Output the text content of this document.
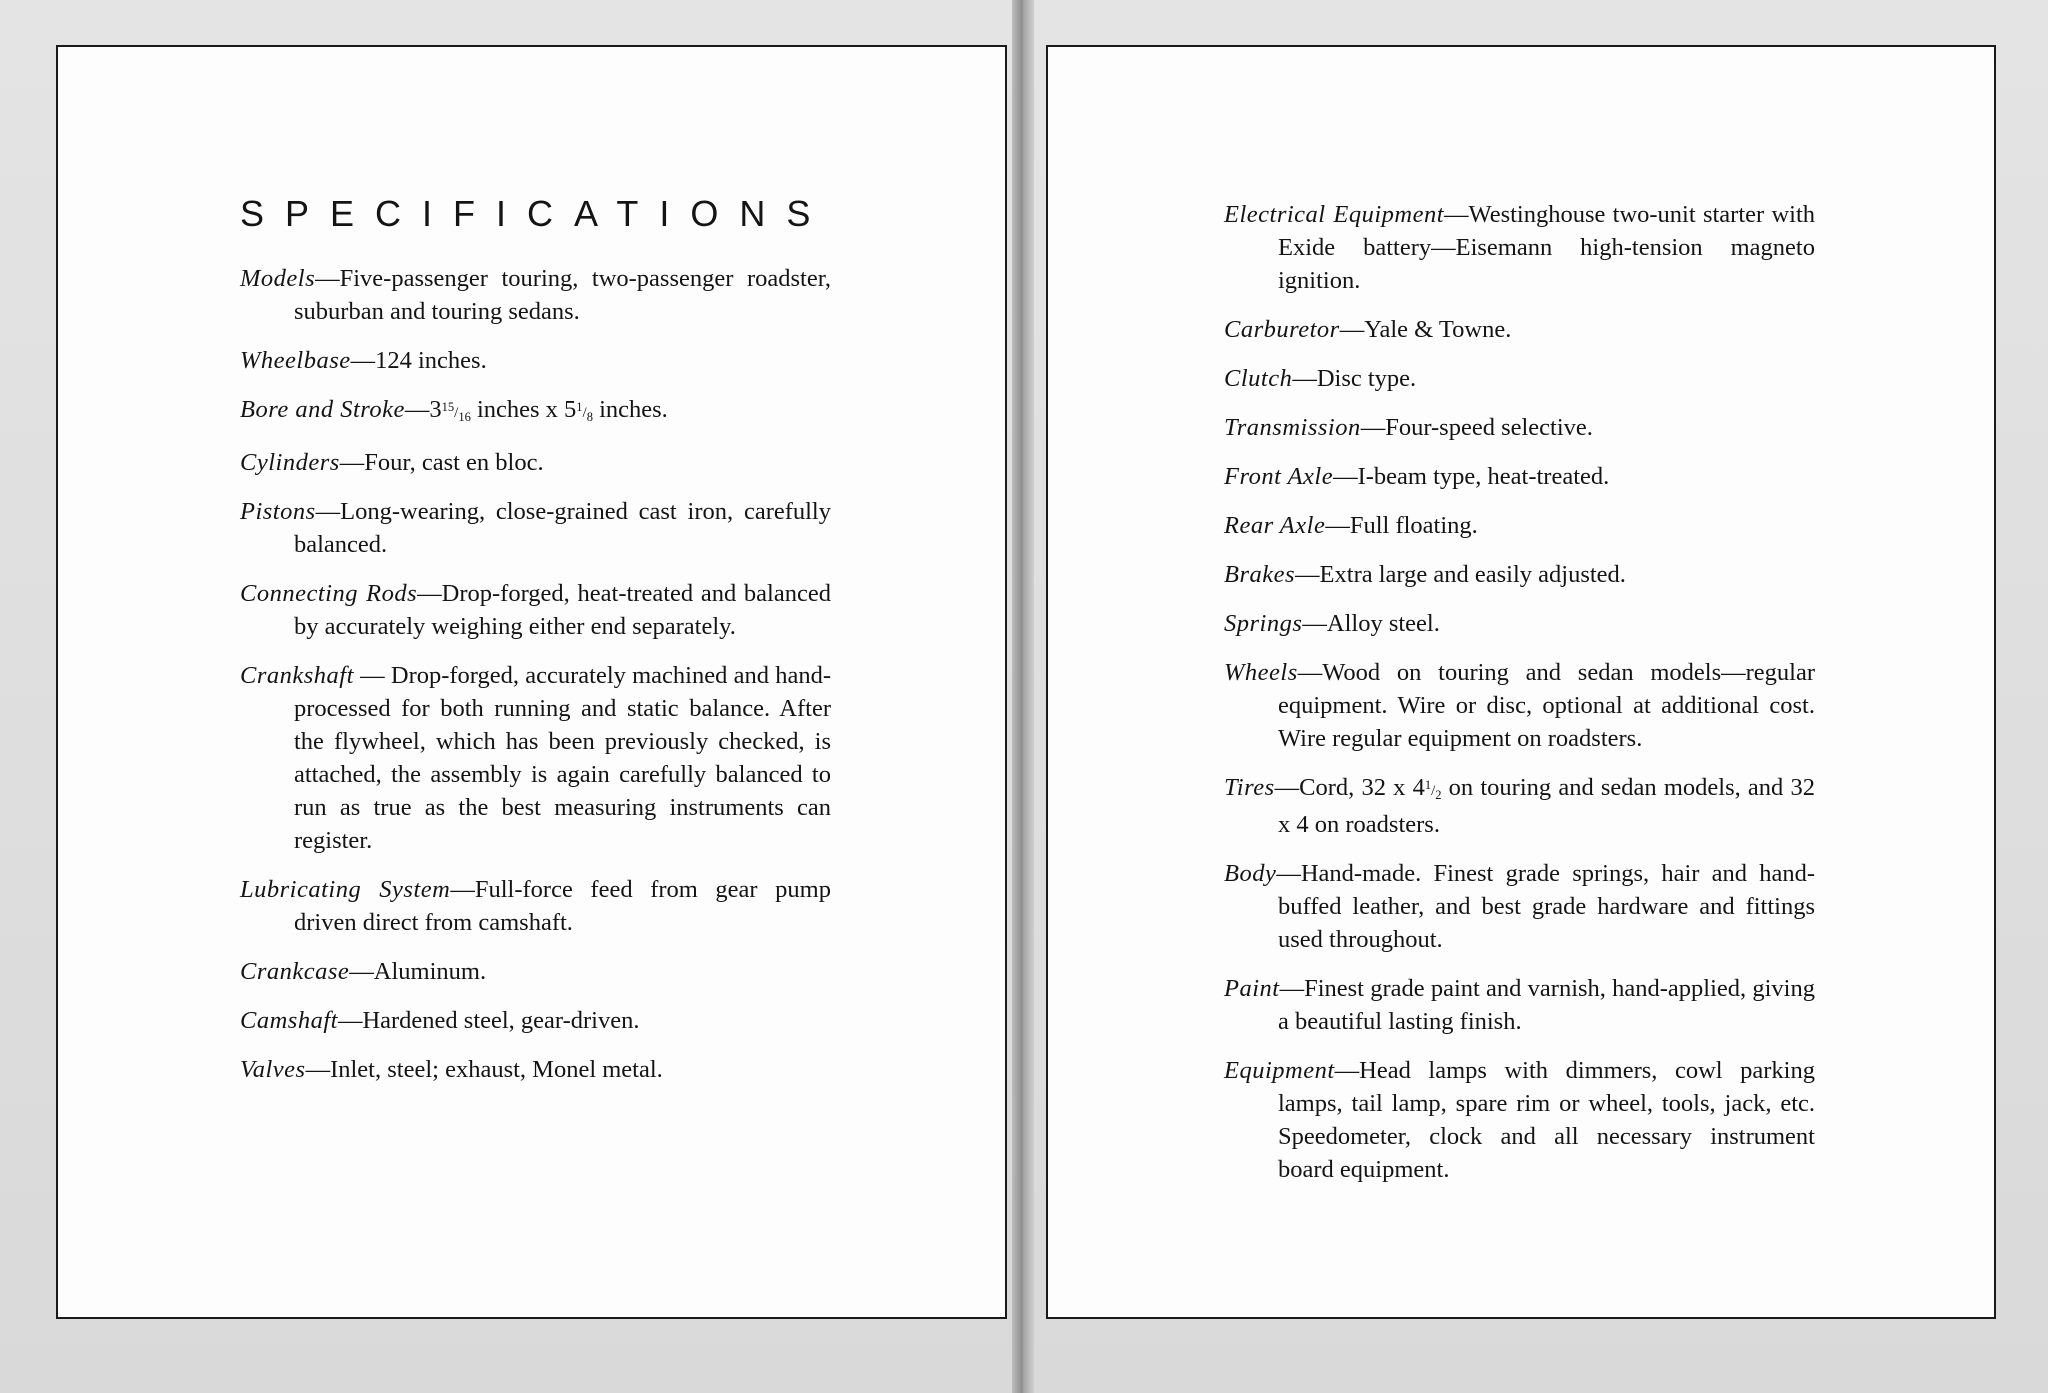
SPECIFICATIONS

Models—Five-passenger touring, two-passenger roadster, suburban and touring sedans.

Wheelbase—124 inches.

Bore and $Stroke—3^{15}/_{16}$ inches x $5^1/_8$ inches.

Cylinders—Four, cast en bloc.

Pistons—Long-wearing, close-grained cast iron, carefully balanced.

Connecting Rods—Drop-forged, heat-treated and balanced by accurately weighing either end separately.

Crankshaft — Drop-forged, accurately machined and hand-processed for both running and static balance. After the flywheel, which has been previously checked, is attached, the assembly is again carefully balanced to run as true as the best measuring instruments can register.

Lubricating System—Full-force feed from gear pump driven direct from camshaft.

Crankcase—Aluminum.

Camshaft—Hardened steel, gear-driven.

Valves—Inlet, steel; exhaust, Monel metal.

Electrical Equipment—Westinghouse two-unit starter with Exide battery—Eisemann high-tension magneto ignition.

Carburetor—Yale & Towne.

Clutch—Disc type.

Transmission—Four-speed selective.

Front Axle—I-beam type, heat-treated.

Rear Axle—Full floating.

Brakes—Extra large and easily adjusted.

Springs—Alloy steel.

Wheels—Wood on touring and sedan models—regular equipment. Wire or disc, optional at additional cost. Wire regular equipment on roadsters.

Tires—Cord, 32 x $4^1/_2$ on touring and sedan models, and 32 x 4 on roadsters.

Body—Hand-made. Finest grade springs, hair and hand-buffed leather, and best grade hardware and fittings used throughout.

Paint—Finest grade paint and varnish, hand-applied, giving a beautiful lasting finish.

Equipment—Head lamps with dimmers, cowl parking lamps, tail lamp, spare rim or wheel, tools, jack, etc. Speedometer, clock and all necessary instrument board equipment.
